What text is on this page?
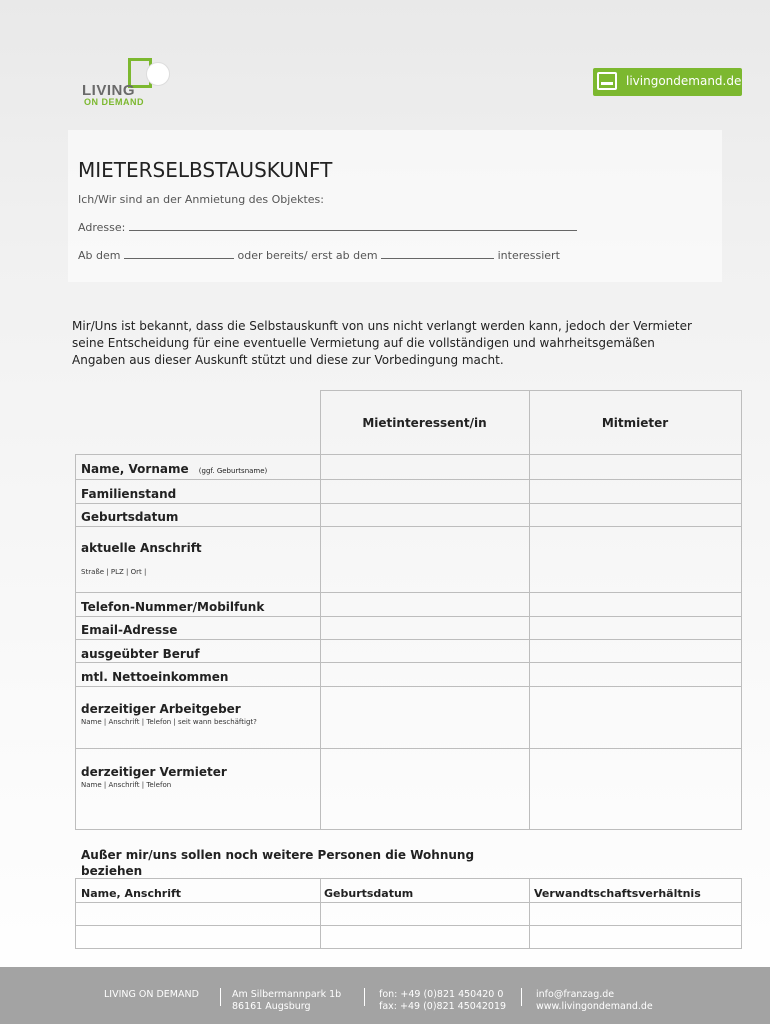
LIVING
ON DEMAND
livingondemand.de
MIETERSELBSTAUSKUNFT
Ich/Wir sind an der Anmietung des Objektes:
Adresse:
Ab dem	oder bereits/ erst ab dem	interessiert
Mir/Uns ist bekannt, dass die Selbstauskunft von uns nicht verlangt werden kann, jedoch der Vermieter seine Entscheidung für eine eventuelle Vermietung auf die vollständigen und wahrheitsgemäßen Angaben aus dieser Auskunft stützt und diese zur Vorbedingung macht.
Mietinteressent/in	Mitmieter
Name, Vorname (ggf. Geburtsname)
Familienstand
Geburtsdatum
aktuelle Anschrift
Straße | PLZ | Ort |
Telefon-Nummer/Mobilfunk
Email-Adresse
ausgeübter Beruf
mtl. Nettoeinkommen
derzeitiger Arbeitgeber
Name | Anschrift | Telefon | seit wann beschäftigt?
derzeitiger Vermieter
Name | Anschrift | Telefon
Außer mir/uns sollen noch weitere Personen die Wohnung
beziehen
Name, Anschrift	Geburtsdatum	Verwandtschaftsverhältnis
LIVING ON DEMAND	Am Silbermannpark 1b
86161 Augsburg
fon: +49 (0)821 450420 0
fax: +49 (0)821 45042019
info@franzag.de
www.livingondemand.de
